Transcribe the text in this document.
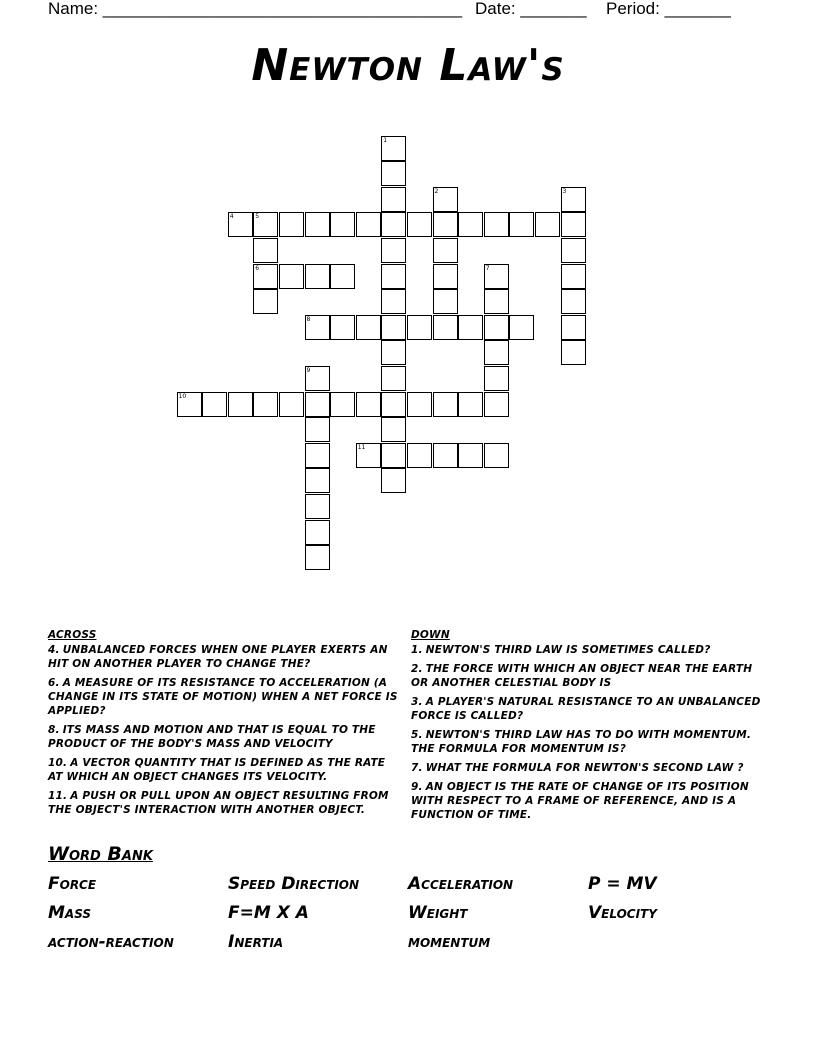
Name: ______________________________________ Date: _______ Period: _______
Newton Law's
1
2	3
4	5
6	7
8
9
10
11
ACROSS
4. UNBALANCED FORCES WHEN ONE PLAYER EXERTS AN HIT ON ANOTHER PLAYER TO CHANGE THE?
6. A MEASURE OF ITS RESISTANCE TO ACCELERATION (A CHANGE IN ITS STATE OF MOTION) WHEN A NET FORCE IS APPLIED?
8. ITS MASS AND MOTION AND THAT IS EQUAL TO THE PRODUCT OF THE BODY'S MASS AND VELOCITY
10. A VECTOR QUANTITY THAT IS DEFINED AS THE RATE AT WHICH AN OBJECT CHANGES ITS VELOCITY.
11. A PUSH OR PULL UPON AN OBJECT RESULTING FROM THE OBJECT'S INTERACTION WITH ANOTHER OBJECT.
DOWN
1. NEWTON'S THIRD LAW IS SOMETIMES CALLED?
2. THE FORCE WITH WHICH AN OBJECT NEAR THE EARTH OR ANOTHER CELESTIAL BODY IS
3. A PLAYER'S NATURAL RESISTANCE TO AN UNBALANCED FORCE IS CALLED?
5. NEWTON'S THIRD LAW HAS TO DO WITH MOMENTUM. THE FORMULA FOR MOMENTUM IS?
7. WHAT THE FORMULA FOR NEWTON'S SECOND LAW ?
9. AN OBJECT IS THE RATE OF CHANGE OF ITS POSITION WITH RESPECT TO A FRAME OF REFERENCE, AND IS A FUNCTION OF TIME.
Word Bank
Force	Speed Direction	Acceleration	P = MV
Mass	F=M X A	Weight	Velocity
action-reaction	Inertia	momentum
